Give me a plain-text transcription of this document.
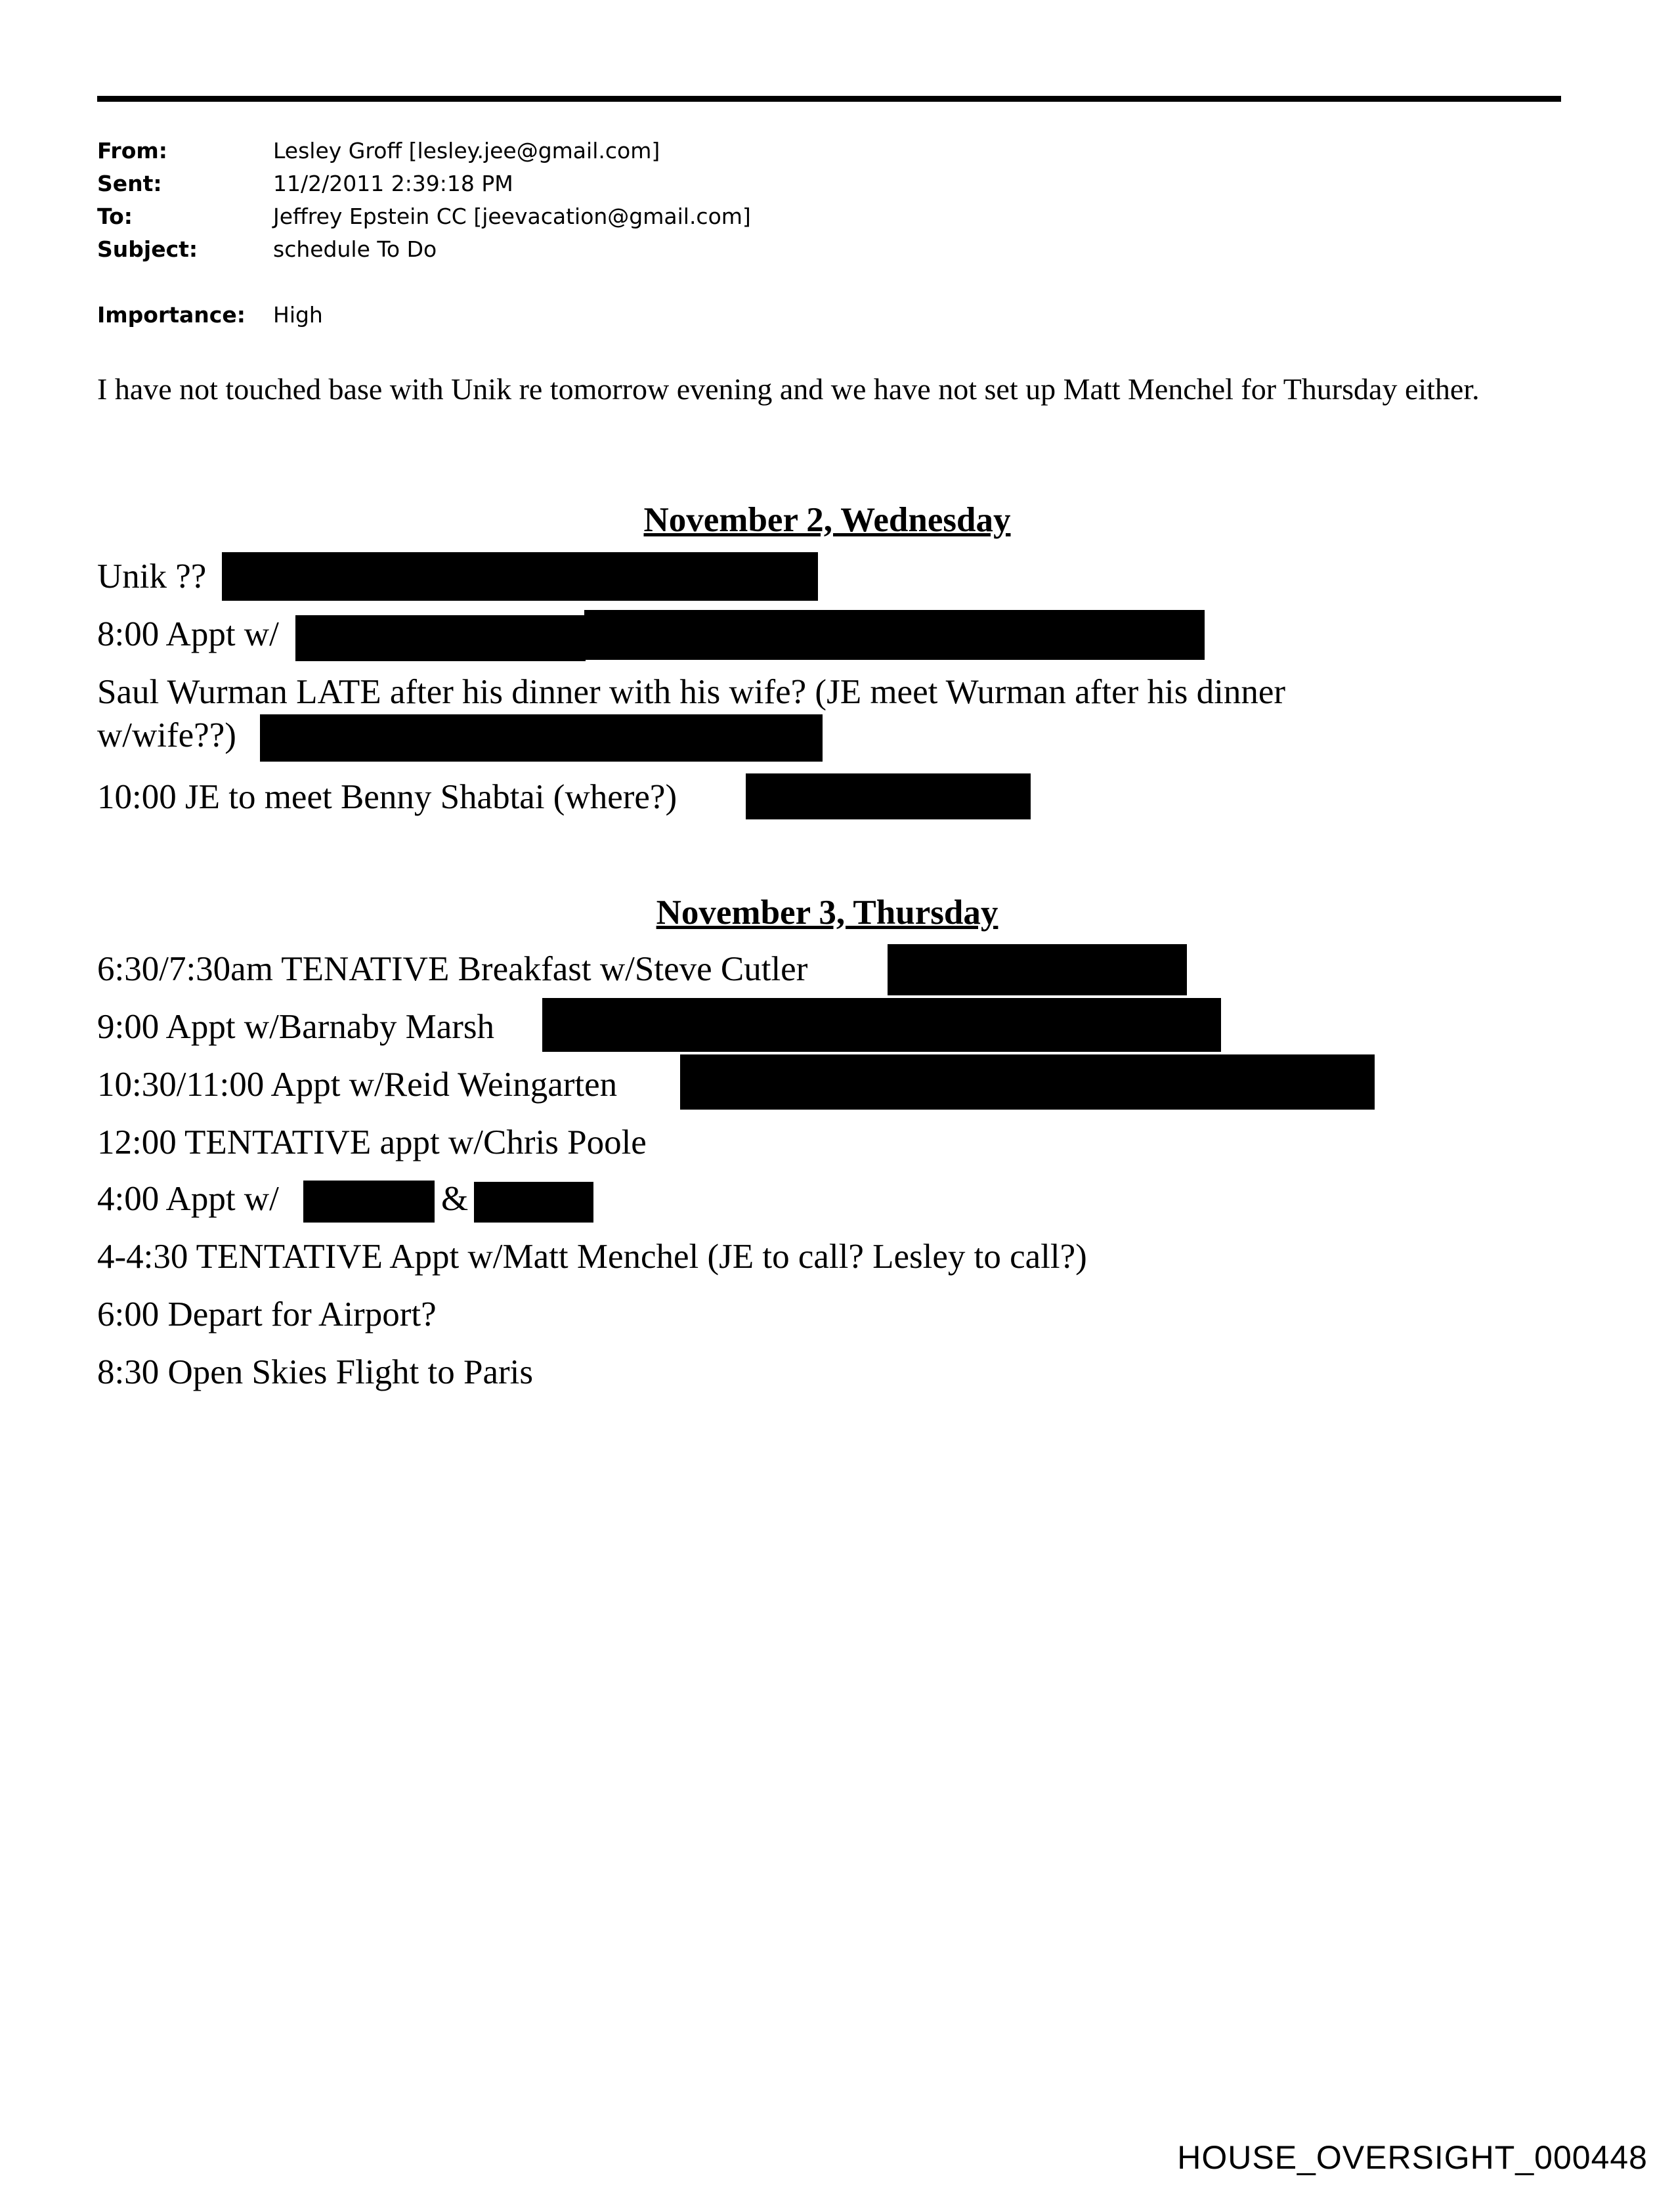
From:	Lesley Groff [lesley.jee@gmail.com]
Sent:	11/2/2011 2:39:18 PM
To:	Jeffrey Epstein CC [jeevacation@gmail.com]
Subject:	schedule To Do
Importance: High
I have not touched base with Unik re tomorrow evening and we have not set up Matt Menchel for Thursday either.
November 2, Wednesday
Unik ??
8:00 Appt w/
Saul Wurman LATE after his dinner with his wife? (JE meet Wurman after his dinner
w/wife??)
10:00 JE to meet Benny Shabtai (where?)
November 3, Thursday
6:30/7:30am TENATIVE Breakfast w/Steve Cutler
9:00 Appt w/Barnaby Marsh
10:30/11:00 Appt w/Reid Weingarten
12:00 TENTATIVE appt w/Chris Poole
4:00 Appt w/	&
4-4:30 TENTATIVE Appt w/Matt Menchel (JE to call? Lesley to call?)
6:00 Depart for Airport?
8:30 Open Skies Flight to Paris
HOUSE_OVERSIGHT_000448
